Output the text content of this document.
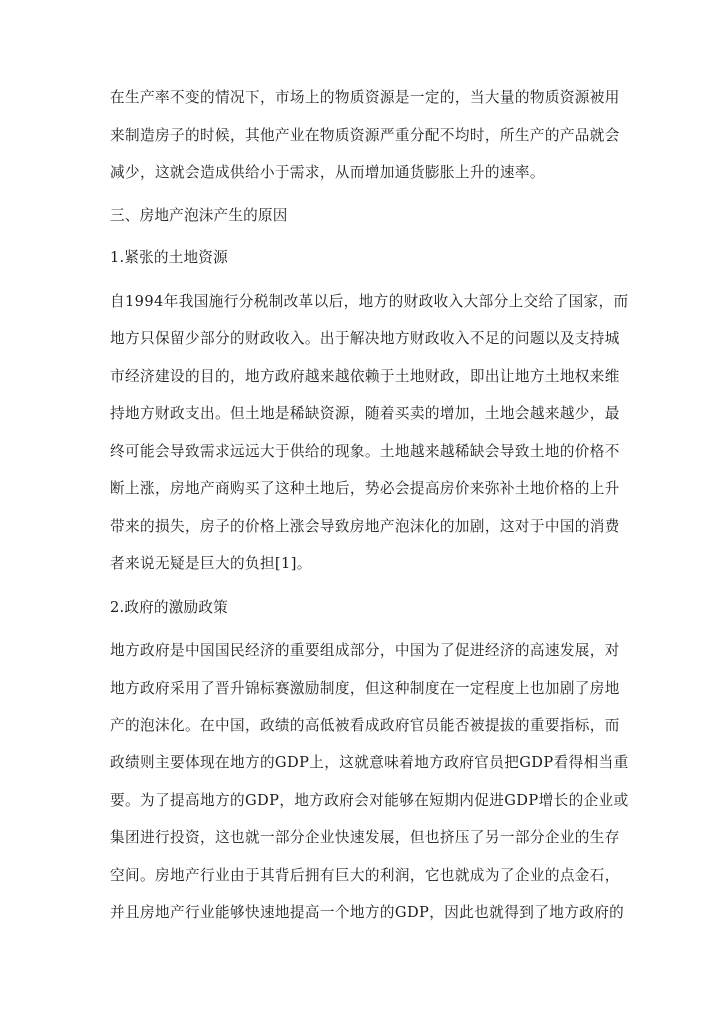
在生产率不变的情况下，市场上的物质资源是一定的，当大量的物质资源被用
来制造房子的时候，其他产业在物质资源严重分配不均时，所生产的产品就会
减少，这就会造成供给小于需求，从而增加通货膨胀上升的速率。
三、房地产泡沫产生的原因
1.紧张的土地资源
自1994年我国施行分税制改革以后，地方的财政收入大部分上交给了国家，而
地方只保留少部分的财政收入。出于解决地方财政收入不足的问题以及支持城
市经济建设的目的，地方政府越来越依赖于土地财政，即出让地方土地权来维
持地方财政支出。但土地是稀缺资源，随着买卖的增加，土地会越来越少，最
终可能会导致需求远远大于供给的现象。土地越来越稀缺会导致土地的价格不
断上涨，房地产商购买了这种土地后，势必会提高房价来弥补土地价格的上升
带来的损失，房子的价格上涨会导致房地产泡沫化的加剧，这对于中国的消费
者来说无疑是巨大的负担[1]。
2.政府的激励政策
地方政府是中国国民经济的重要组成部分，中国为了促进经济的高速发展，对
地方政府采用了晋升锦标赛激励制度，但这种制度在一定程度上也加剧了房地
产的泡沫化。在中国，政绩的高低被看成政府官员能否被提拔的重要指标，而
政绩则主要体现在地方的GDP上，这就意味着地方政府官员把GDP看得相当重
要。为了提高地方的GDP，地方政府会对能够在短期内促进GDP增长的企业或
集团进行投资，这也就一部分企业快速发展，但也挤压了另一部分企业的生存
空间。房地产行业由于其背后拥有巨大的利润，它也就成为了企业的点金石，
并且房地产行业能够快速地提高一个地方的GDP，因此也就得到了地方政府的
